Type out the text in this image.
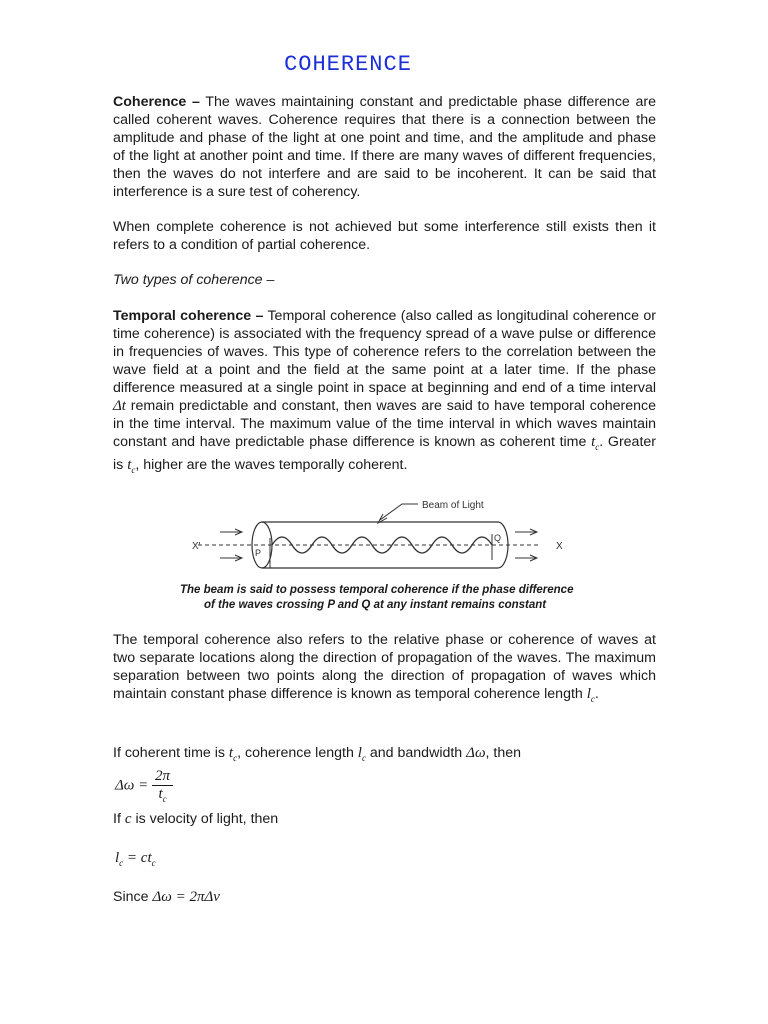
COHERENCE

Coherence – The waves maintaining constant and predictable phase difference are called coherent waves. Coherence requires that there is a connection between the amplitude and phase of the light at one point and time, and the amplitude and phase of the light at another point and time. If there are many waves of different frequencies, then the waves do not interfere and are said to be incoherent. It can be said that interference is a sure test of coherency.

When complete coherence is not achieved but some interference still exists then it refers to a condition of partial coherence.

Two types of coherence –

Temporal coherence – Temporal coherence (also called as longitudinal coherence or time coherence) is associated with the frequency spread of a wave pulse or difference in frequencies of waves. This type of coherence refers to the correlation between the wave field at a point and the field at the same point at a later time. If the phase difference measured at a single point in space at beginning and end of a time interval Δt remain predictable and constant, then waves are said to have temporal coherence in the time interval. The maximum value of the time interval in which waves maintain constant and have predictable phase difference is known as coherent time $t_c$. Greater is $t_c$, higher are the waves temporally coherent.

Beam of Light
X'	X
P
Q

The beam is said to possess temporal coherence if the phase difference
of the waves crossing P and Q at any instant remains constant

The temporal coherence also refers to the relative phase or coherence of waves at two separate locations along the direction of propagation of the waves. The maximum separation between two points along the direction of propagation of waves which maintain constant phase difference is known as temporal coherence length $l_c$.

If coherent time is $t_c$, coherence length $l_c$ and bandwidth Δω, then
$\Delta\omega = \frac{2\pi}{t_c}$
If c is velocity of light, then
$l_c = ct_c$
Since Δω = 2πΔν
